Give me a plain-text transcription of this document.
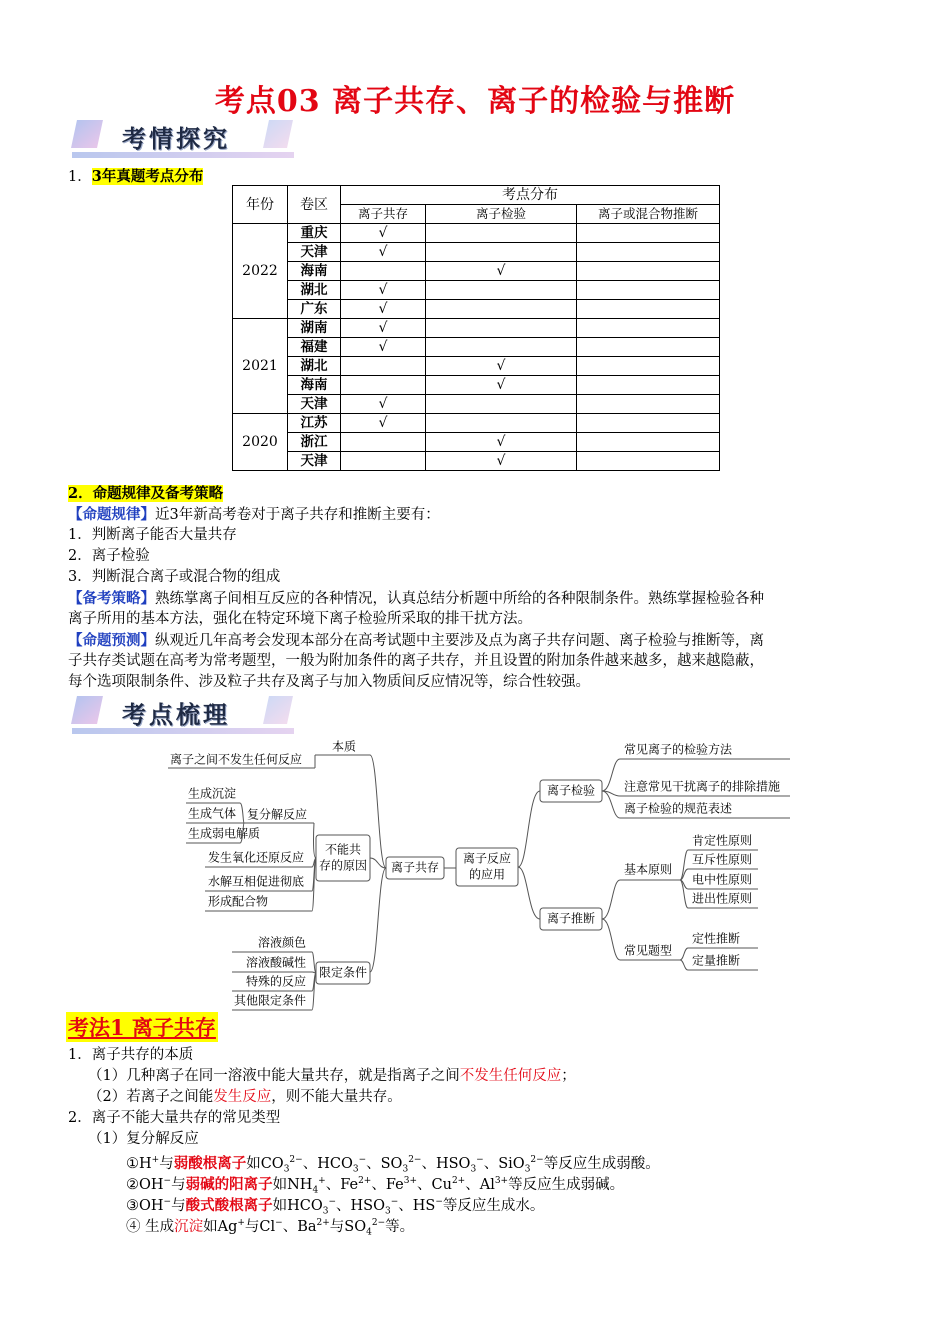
考点03 离子共存、离子的检验与推断
考情探究
1．3年真题考点分布
年份	卷区	考点分布		
		离子共存	离子检验	离子或混合物推断
2022	重庆	√		
	天津	√		
	海南		√	
	湖北	√		
	广东	√		
2021	湖南	√		
	福建	√		
	湖北		√	
	海南		√	
	天津	√		
2020	江苏	√		
	浙江		√	
	天津		√	
2．命题规律及备考策略
【命题规律】近3年新高考卷对于离子共存和推断主要有：
1．判断离子能否大量共存
2．离子检验
3．判断混合离子或混合物的组成
【备考策略】熟练掌离子间相互反应的各种情况，认真总结分析题中所给的各种限制条件。熟练掌握检验各种
离子所用的基本方法，强化在特定环境下离子检验所采取的排干扰方法。
【命题预测】纵观近几年高考会发现本部分在高考试题中主要涉及点为离子共存问题、离子检验与推断等，离
子共存类试题在高考为常考题型，一般为附加条件的离子共存，并且设置的附加条件越来越多，越来越隐蔽，
每个选项限制条件、涉及粒子共存及离子与加入物质间反应情况等，综合性较强。
考点梳理
离子共存
离子反应
的应用
离子检验
离子推断
本质
离子之间不发生任何反应
不能共
存的原因
限定条件
复分解反应
生成沉淀
生成气体
生成弱电解质
发生氧化还原反应
水解互相促进彻底
形成配合物
溶液颜色
溶液酸碱性
特殊的反应
其他限定条件
常见离子的检验方法
注意常见干扰离子的排除措施
离子检验的规范表述
基本原则
常见题型
肯定性原则
互斥性原则
电中性原则
进出性原则
定性推断
定量推断
考法1 离子共存
1．离子共存的本质
（1）几种离子在同一溶液中能大量共存，就是指离子之间不发生任何反应；
（2）若离子之间能发生反应，则不能大量共存。
2．离子不能大量共存的常见类型
（1）复分解反应
①H+与弱酸根离子如$CO_3^{2-}$、$HCO_3^-$、$SO_3^{2-}$、$HSO_3^-$、SiO$_3^{2-}$等反应生成弱酸。
②OH−与弱碱的阳离子如$NH_4^+$、$Fe^{2+}$、$Fe^{3+}$、$Cu^{2+}$、$Al^{3+}$等反应生成弱碱。
③OH−与酸式酸根离子如$HCO_3^-$、$HSO_3^-$、HS−等反应生成水。
④ 生成沉淀如Ag+与Cl−、$Ba^{2+}$与$SO_4^{2-}$等。
